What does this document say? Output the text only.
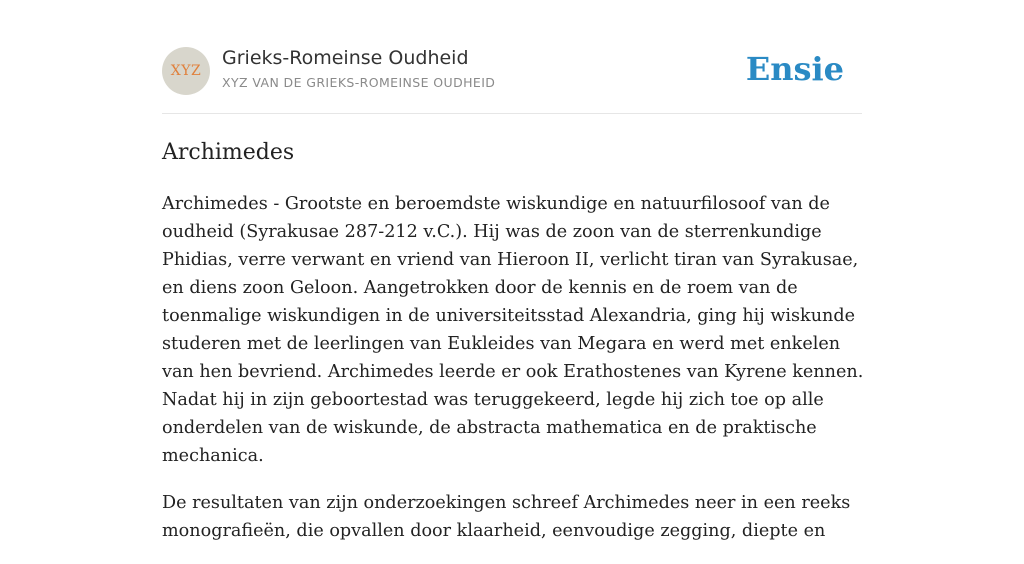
XYZ
Grieks-Romeinse Oudheid
XYZ VAN DE GRIEKS-ROMEINSE OUDHEID	Ensie
Archimedes

Archimedes - Grootste en beroemdste wiskundige en natuurfilosoof van de oudheid (Syrakusae 287-212 v.C.). Hij was de zoon van de sterrenkundige Phidias, verre verwant en vriend van Hieroon II, verlicht tiran van Syrakusae, en diens zoon Geloon. Aangetrokken door de kennis en de roem van de toenmalige wiskundigen in de universiteitsstad Alexandria, ging hij wiskunde studeren met de leerlingen van Eukleides van Megara en werd met enkelen van hen bevriend. Archimedes leerde er ook Erathostenes van Kyrene kennen. Nadat hij in zijn geboortestad was teruggekeerd, legde hij zich toe op alle onderdelen van de wiskunde, de abstracta mathematica en de praktische mechanica.

De resultaten van zijn onderzoekingen schreef Archimedes neer in een reeks monografieën, die opvallen door klaarheid, eenvoudige zegging, diepte en
